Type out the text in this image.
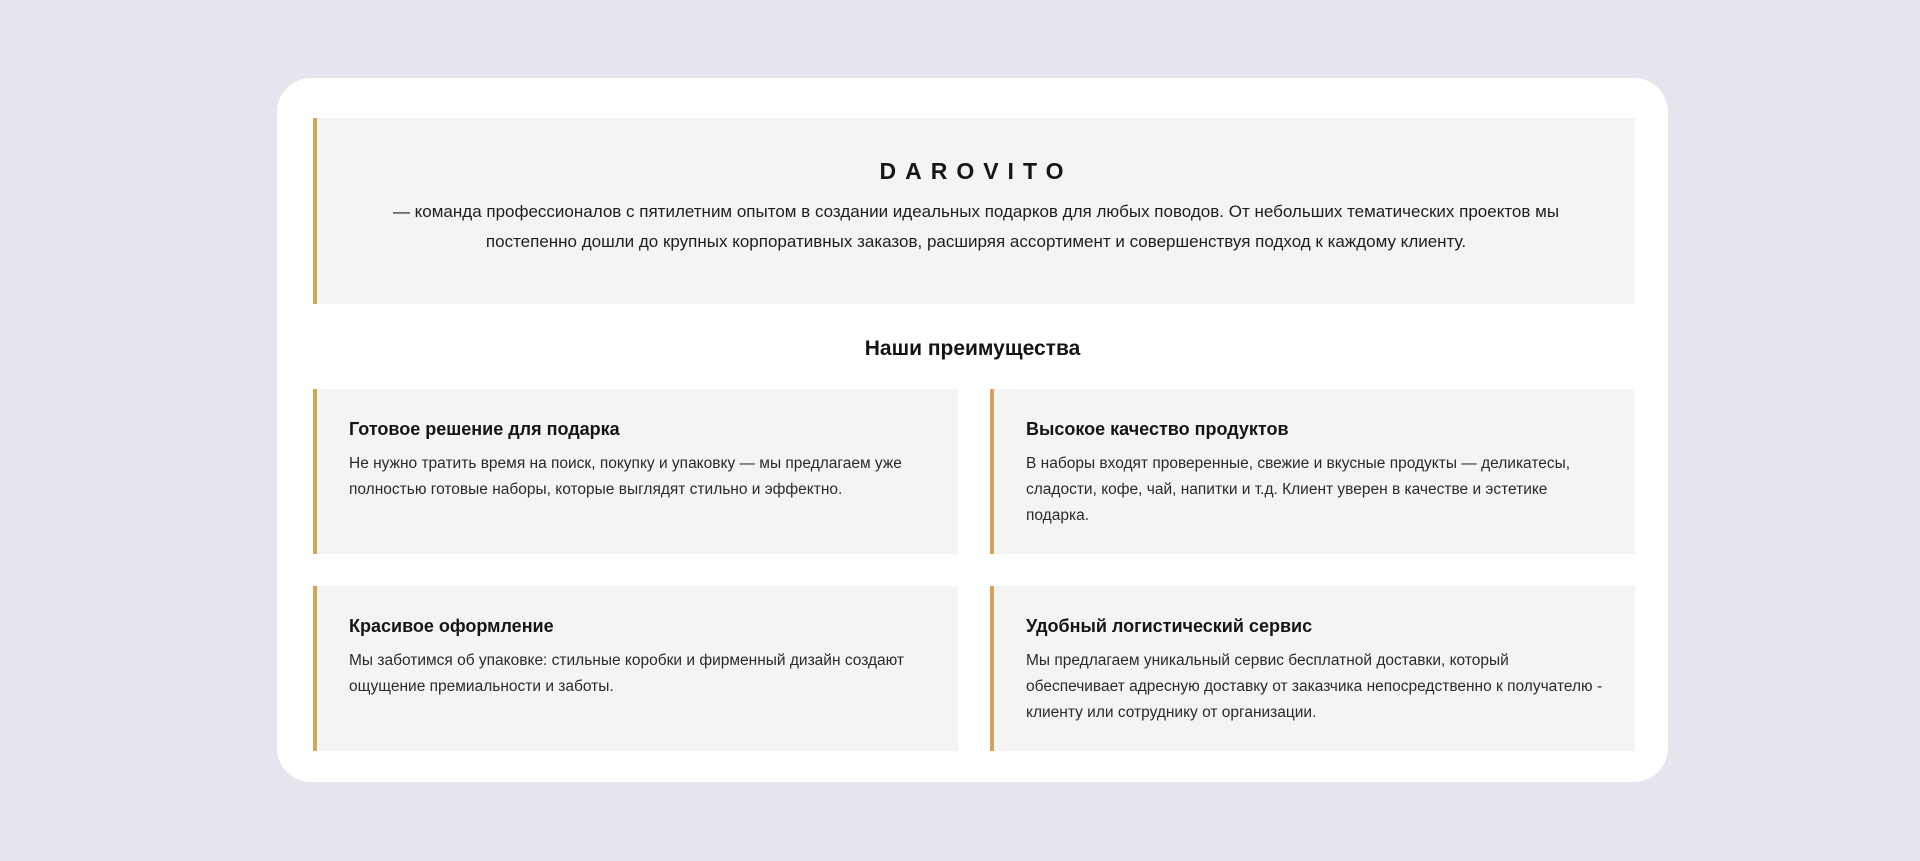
DAROVITO

— команда профессионалов с пятилетним опытом в создании идеальных подарков для любых поводов. От небольших тематических проектов мы постепенно дошли до крупных корпоративных заказов, расширяя ассортимент и совершенствуя подход к каждому клиенту.

Наши преимущества
Готовое решение для подарка

Не нужно тратить время на поиск, покупку и упаковку — мы предлагаем уже полностью готовые наборы, которые выглядят стильно и эффектно.

Высокое качество продуктов

В наборы входят проверенные, свежие и вкусные продукты — деликатесы, сладости, кофе, чай, напитки и т.д. Клиент уверен в качестве и эстетике подарка.

Красивое оформление

Мы заботимся об упаковке: стильные коробки и фирменный дизайн создают ощущение премиальности и заботы.

Удобный логистический сервис

Мы предлагаем уникальный сервис бесплатной доставки, который обеспечивает адресную доставку от заказчика непосредственно к получателю - клиенту или сотруднику от организации.
